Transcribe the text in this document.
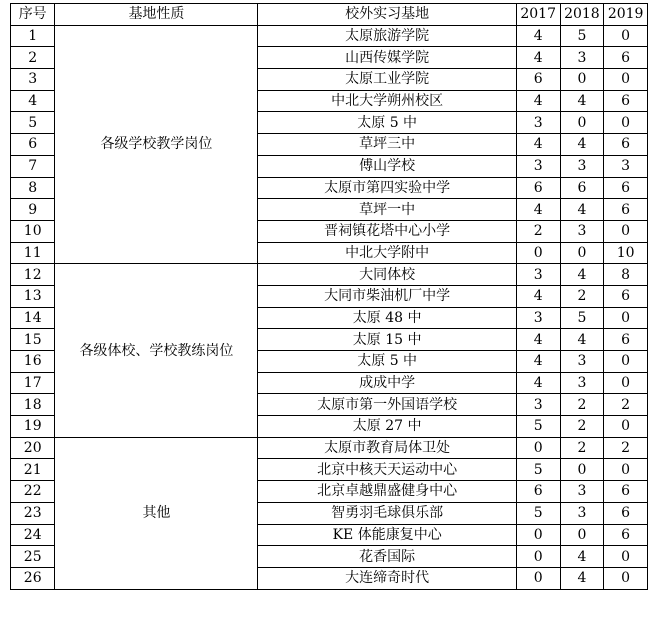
序号	基地性质	校外实习基地	2017	2018	2019
1	各级学校教学岗位	太原旅游学院	4	5	0
2		山西传媒学院	4	3	6
3		太原工业学院	6	0	0
4		中北大学朔州校区	4	4	6
5		太原 5 中	3	0	0
6		草坪三中	4	4	6
7		傅山学校	3	3	3
8		太原市第四实验中学	6	6	6
9		草坪一中	4	4	6
10		晋祠镇花塔中心小学	2	3	0
11		中北大学附中	0	0	10
12	各级体校、学校教练岗位	大同体校	3	4	8
13		大同市柴油机厂中学	4	2	6
14		太原 48 中	3	5	0
15		太原 15 中	4	4	6
16		太原 5 中	4	3	0
17		成成中学	4	3	0
18		太原市第一外国语学校	3	2	2
19		太原 27 中	5	2	0
20	其他	太原市教育局体卫处	0	2	2
21		北京中核天天运动中心	5	0	0
22		北京卓越鼎盛健身中心	6	3	6
23		智勇羽毛球俱乐部	5	3	6
24		KE 体能康复中心	0	0	6
25		花香国际	0	4	0
26		大连缔奇时代	0	4	0
